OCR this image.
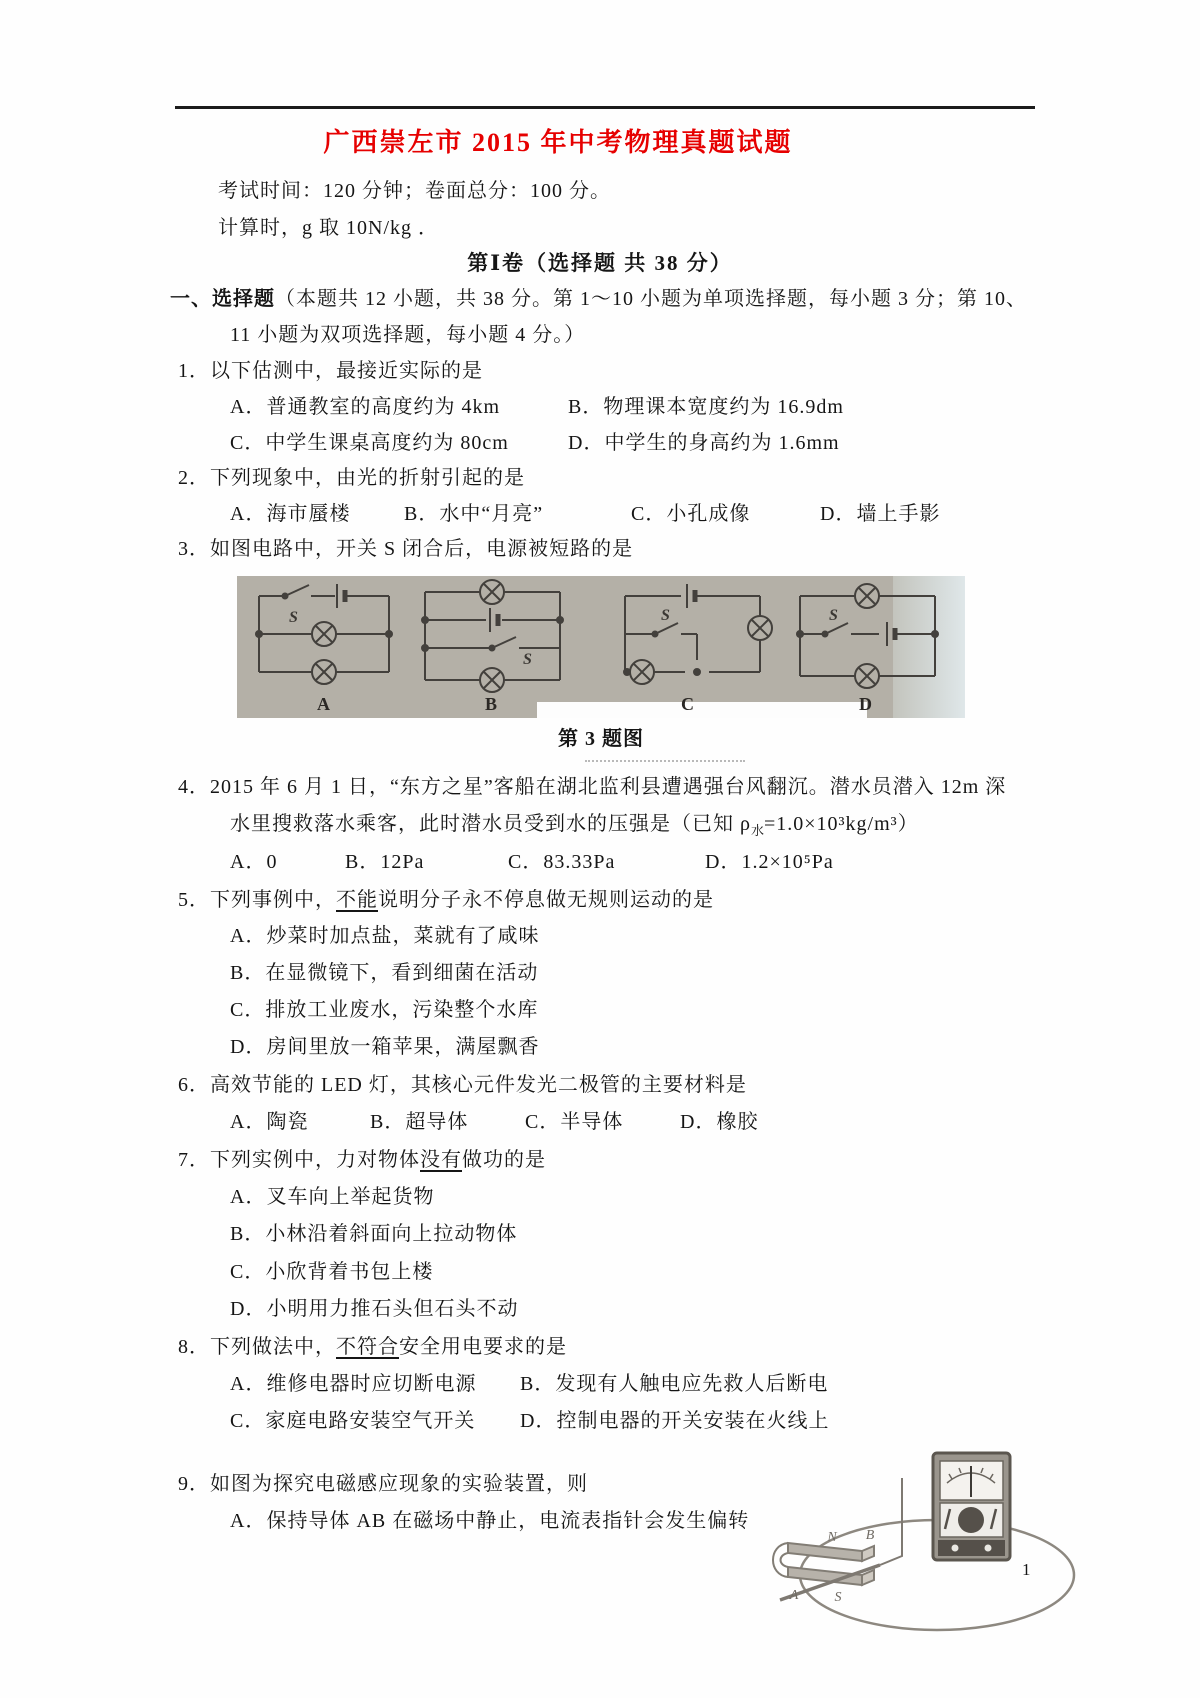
广西崇左市 2015 年中考物理真题试题
考试时间：120 分钟；卷面总分：100 分。
计算时，g 取 10N/kg ．
第Ⅰ卷（选择题 共 38 分）
一、选择题（本题共 12 小题，共 38 分。第 1～10 小题为单项选择题，每小题 3 分；第 10、
11 小题为双项选择题，每小题 4 分。）
1．以下估测中，最接近实际的是
A．普通教室的高度约为 4km	B．物理课本宽度约为 16.9dm
C．中学生课桌高度约为 80cm	D．中学生的身高约为 1.6mm
2．下列现象中，由光的折射引起的是
A．海市蜃楼	B．水中“月亮”	C．小孔成像	D．墙上手影
3．如图电路中，开关 S 闭合后，电源被短路的是
S
S
S	S
A	B	C	D
第 3 题图
4．2015 年 6 月 1 日，“东方之星”客船在湖北监利县遭遇强台风翻沉。潜水员潜入 12m 深
水里搜救落水乘客，此时潜水员受到水的压强是（已知 $\rho_水=1.0\times 10^3kg/m^3$）
A．0	B．12Pa	C．83.33Pa	D．1.2×10⁵Pa
5．下列事例中，不能说明分子永不停息做无规则运动的是
A．炒菜时加点盐，菜就有了咸味
B．在显微镜下，看到细菌在活动
C．排放工业废水，污染整个水库
D．房间里放一箱苹果，满屋飘香
6．高效节能的 LED 灯，其核心元件发光二极管的主要材料是
A．陶瓷	B．超导体	C．半导体	D．橡胶
7．下列实例中，力对物体没有做功的是
A．叉车向上举起货物
B．小林沿着斜面向上拉动物体
C．小欣背着书包上楼
D．小明用力推石头但石头不动
8．下列做法中，不符合安全用电要求的是
A．维修电器时应切断电源 B．发现有人触电应先救人后断电
C．家庭电路安装空气开关 D．控制电器的开关安装在火线上
9．如图为探究电磁感应现象的实验装置，则
A．保持导体 AB 在磁场中静止，电流表指针会发生偏转
N B
A	S
1
